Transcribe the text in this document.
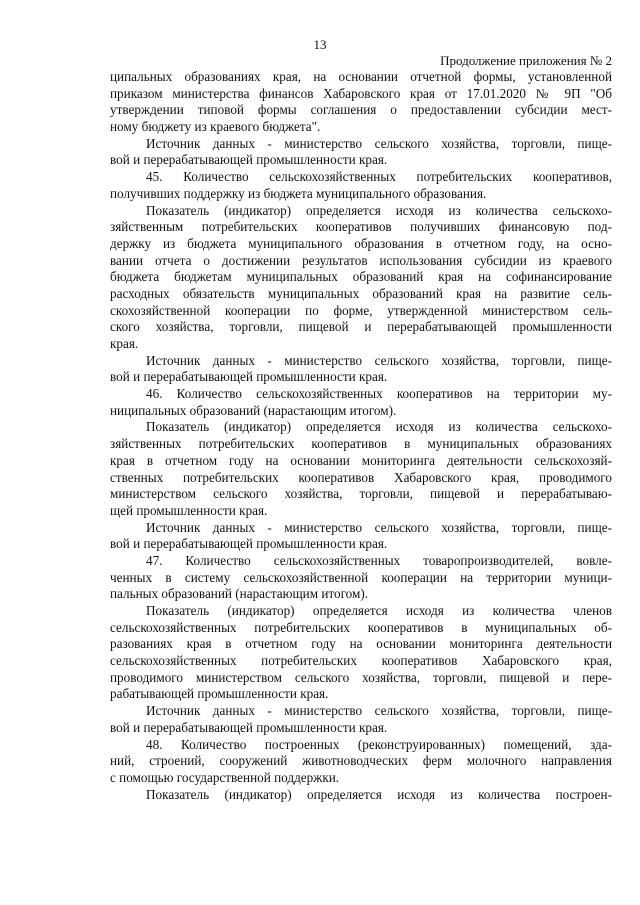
13
Продолжение приложения № 2
ципальных образованиях края, на основании отчетной формы, установленной
приказом министерства финансов Хабаровского края от 17.01.2020 № 9П "Об
утверждении типовой формы соглашения о предоставлении субсидии мест-
ному бюджету из краевого бюджета".
Источник данных - министерство сельского хозяйства, торговли, пище-
вой и перерабатывающей промышленности края.
45. Количество сельскохозяйственных потребительских кооперативов,
получивших поддержку из бюджета муниципального образования.
Показатель (индикатор) определяется исходя из количества сельскохо-
зяйственным потребительских кооперативов получивших финансовую под-
держку из бюджета муниципального образования в отчетном году, на осно-
вании отчета о достижении результатов использования субсидии из краевого
бюджета бюджетам муниципальных образований края на софинансирование
расходных обязательств муниципальных образований края на развитие сель-
скохозяйственной кооперации по форме, утвержденной министерством сель-
ского хозяйства, торговли, пищевой и перерабатывающей промышленности
края.
Источник данных - министерство сельского хозяйства, торговли, пище-
вой и перерабатывающей промышленности края.
46. Количество сельскохозяйственных кооперативов на территории му-
ниципальных образований (нарастающим итогом).
Показатель (индикатор) определяется исходя из количества сельскохо-
зяйственных потребительских кооперативов в муниципальных образованиях
края в отчетном году на основании мониторинга деятельности сельскохозяй-
ственных потребительских кооперативов Хабаровского края, проводимого
министерством сельского хозяйства, торговли, пищевой и перерабатываю-
щей промышленности края.
Источник данных - министерство сельского хозяйства, торговли, пище-
вой и перерабатывающей промышленности края.
47. Количество сельскохозяйственных товаропроизводителей, вовле-
ченных в систему сельскохозяйственной кооперации на территории муници-
пальных образований (нарастающим итогом).
Показатель (индикатор) определяется исходя из количества членов
сельскохозяйственных потребительских кооперативов в муниципальных об-
разованиях края в отчетном году на основании мониторинга деятельности
сельскохозяйственных потребительских кооперативов Хабаровского края,
проводимого министерством сельского хозяйства, торговли, пищевой и пере-
рабатывающей промышленности края.
Источник данных - министерство сельского хозяйства, торговли, пище-
вой и перерабатывающей промышленности края.
48. Количество построенных (реконструированных) помещений, зда-
ний, строений, сооружений животноводческих ферм молочного направления
с помощью государственной поддержки.
Показатель (индикатор) определяется исходя из количества построен-
